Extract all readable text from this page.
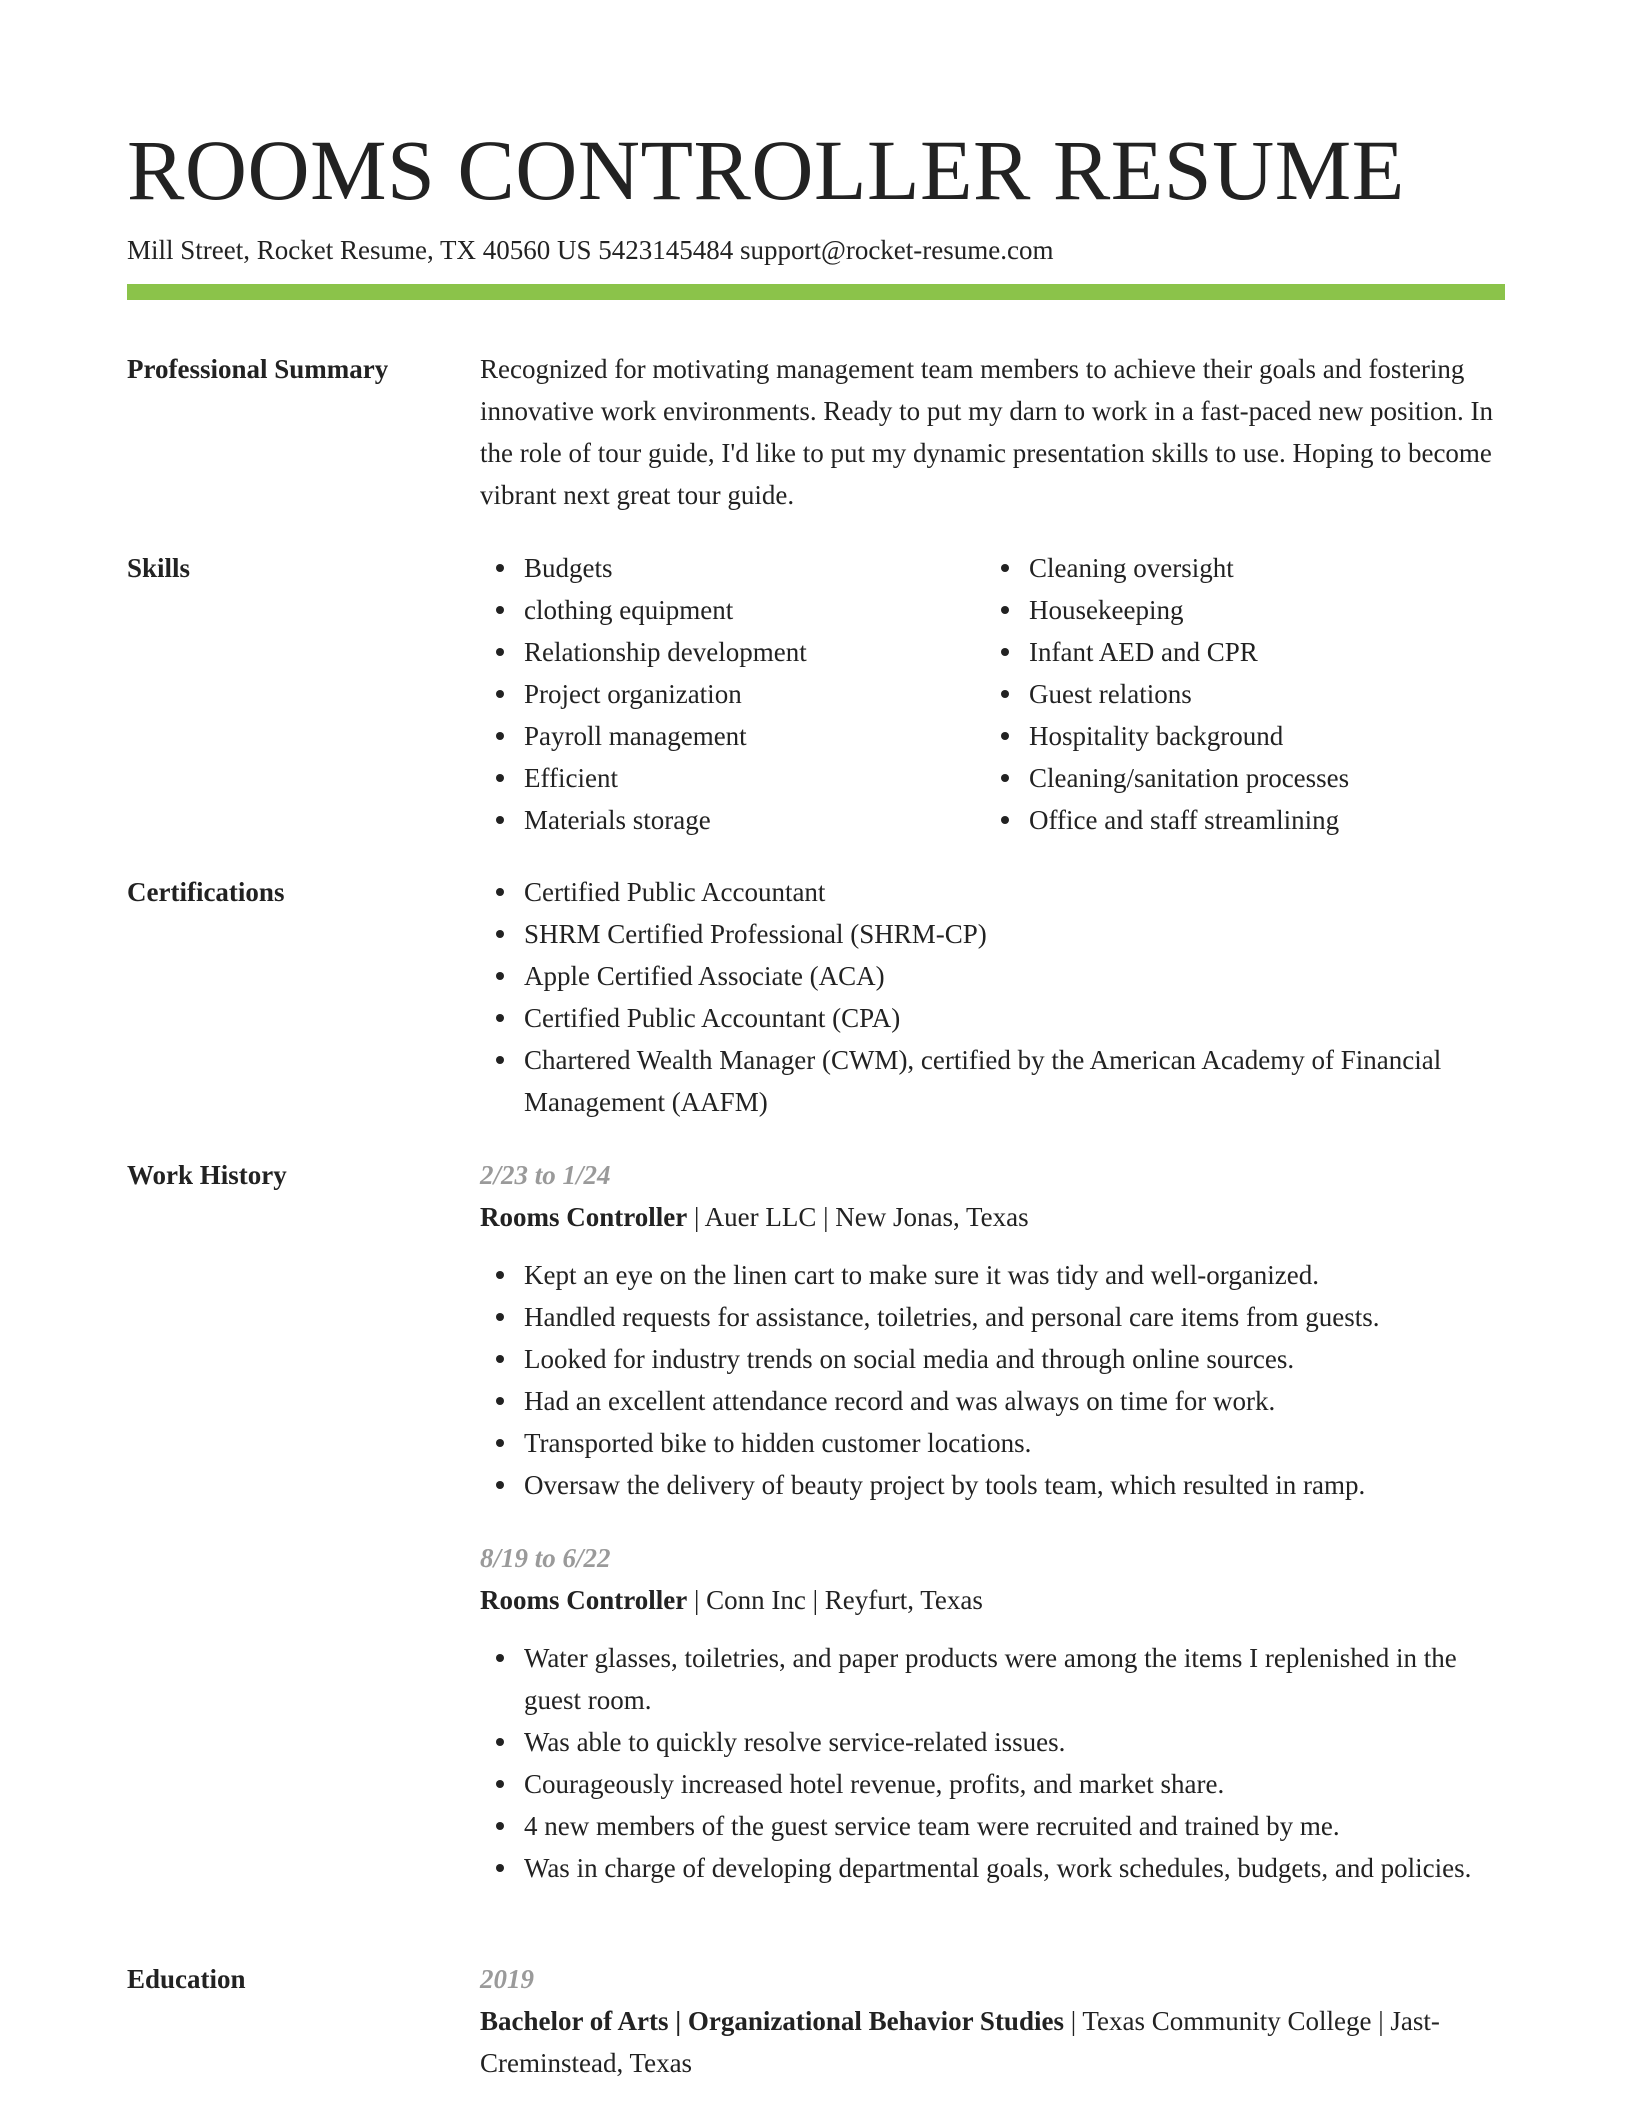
ROOMS CONTROLLER RESUME
Mill Street, Rocket Resume, TX 40560 US 5423145484 support@rocket-resume.com
Professional Summary	Recognized for motivating management team members to achieve their goals and fostering innovative work environments. Ready to put my darn to work in a fast-paced new position. In the role of tour guide, I'd like to put my dynamic presentation skills to use. Hoping to become vibrant next great tour guide.

Skills	Budgets
clothing equipment
Relationship development
Project organization
Payroll management
Efficient
Materials storage
Cleaning oversight
Housekeeping
Infant AED and CPR
Guest relations
Hospitality background
Cleaning/sanitation processes
Office and staff streamlining
Certifications	Certified Public Accountant
SHRM Certified Professional (SHRM-CP)
Apple Certified Associate (ACA)
Certified Public Accountant (CPA)
Chartered Wealth Manager (CWM), certified by the American Academy of Financial Management (AAFM)
Work History	2/23 to 1/24
Rooms Controller | Auer LLC | New Jonas, Texas
Kept an eye on the linen cart to make sure it was tidy and well-organized.
Handled requests for assistance, toiletries, and personal care items from guests.
Looked for industry trends on social media and through online sources.
Had an excellent attendance record and was always on time for work.
Transported bike to hidden customer locations.
Oversaw the delivery of beauty project by tools team, which resulted in ramp.
8/19 to 6/22
Rooms Controller | Conn Inc | Reyfurt, Texas
Water glasses, toiletries, and paper products were among the items I replenished in the guest room.
Was able to quickly resolve service-related issues.
Courageously increased hotel revenue, profits, and market share.
4 new members of the guest service team were recruited and trained by me.
Was in charge of developing departmental goals, work schedules, budgets, and policies.
Education	2019
Bachelor of Arts | Organizational Behavior Studies | Texas Community College | Jast-Creminstead, Texas
